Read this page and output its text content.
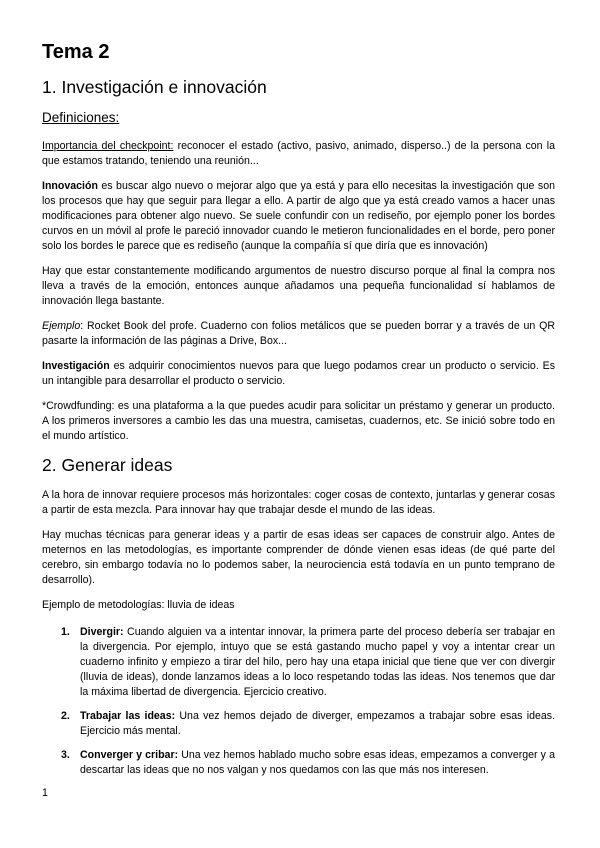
Tema 2
1. Investigación e innovación
Definiciones:

Importancia del checkpoint: reconocer el estado (activo, pasivo, animado, disperso..) de la persona con la que estamos tratando, teniendo una reunión...

Innovación es buscar algo nuevo o mejorar algo que ya está y para ello necesitas la investigación que son los procesos que hay que seguir para llegar a ello. A partir de algo que ya está creado vamos a hacer unas modificaciones para obtener algo nuevo. Se suele confundir con un rediseño, por ejemplo poner los bordes curvos en un móvil al profe le pareció innovador cuando le metieron funcionalidades en el borde, pero poner solo los bordes le parece que es rediseño (aunque la compañía sí que diría que es innovación)

Hay que estar constantemente modificando argumentos de nuestro discurso porque al final la compra nos lleva a través de la emoción, entonces aunque añadamos una pequeña funcionalidad sí hablamos de innovación llega bastante.

Ejemplo: Rocket Book del profe. Cuaderno con folios metálicos que se pueden borrar y a través de un QR pasarte la información de las páginas a Drive, Box...

Investigación es adquirir conocimientos nuevos para que luego podamos crear un producto o servicio. Es un intangible para desarrollar el producto o servicio.

*Crowdfunding: es una plataforma a la que puedes acudir para solicitar un préstamo y generar un producto. A los primeros inversores a cambio les das una muestra, camisetas, cuadernos, etc. Se inició sobre todo en el mundo artístico.

2. Generar ideas

A la hora de innovar requiere procesos más horizontales: coger cosas de contexto, juntarlas y generar cosas a partir de esta mezcla. Para innovar hay que trabajar desde el mundo de las ideas.

Hay muchas técnicas para generar ideas y a partir de esas ideas ser capaces de construir algo. Antes de meternos en las metodologías, es importante comprender de dónde vienen esas ideas (de qué parte del cerebro, sin embargo todavía no lo podemos saber, la neurociencia está todavía en un punto temprano de desarrollo).

Ejemplo de metodologías: lluvia de ideas

1. Divergir: Cuando alguien va a intentar innovar, la primera parte del proceso debería ser trabajar en la divergencia. Por ejemplo, intuyo que se está gastando mucho papel y voy a intentar crear un cuaderno infinito y empiezo a tirar del hilo, pero hay una etapa inicial que tiene que ver con divergir (lluvia de ideas), donde lanzamos ideas a lo loco respetando todas las ideas. Nos tenemos que dar la máxima libertad de divergencia. Ejercicio creativo.
2. Trabajar las ideas: Una vez hemos dejado de diverger, empezamos a trabajar sobre esas ideas. Ejercicio más mental.
3. Converger y cribar: Una vez hemos hablado mucho sobre esas ideas, empezamos a converger y a descartar las ideas que no nos valgan y nos quedamos con las que más nos interesen.
1
